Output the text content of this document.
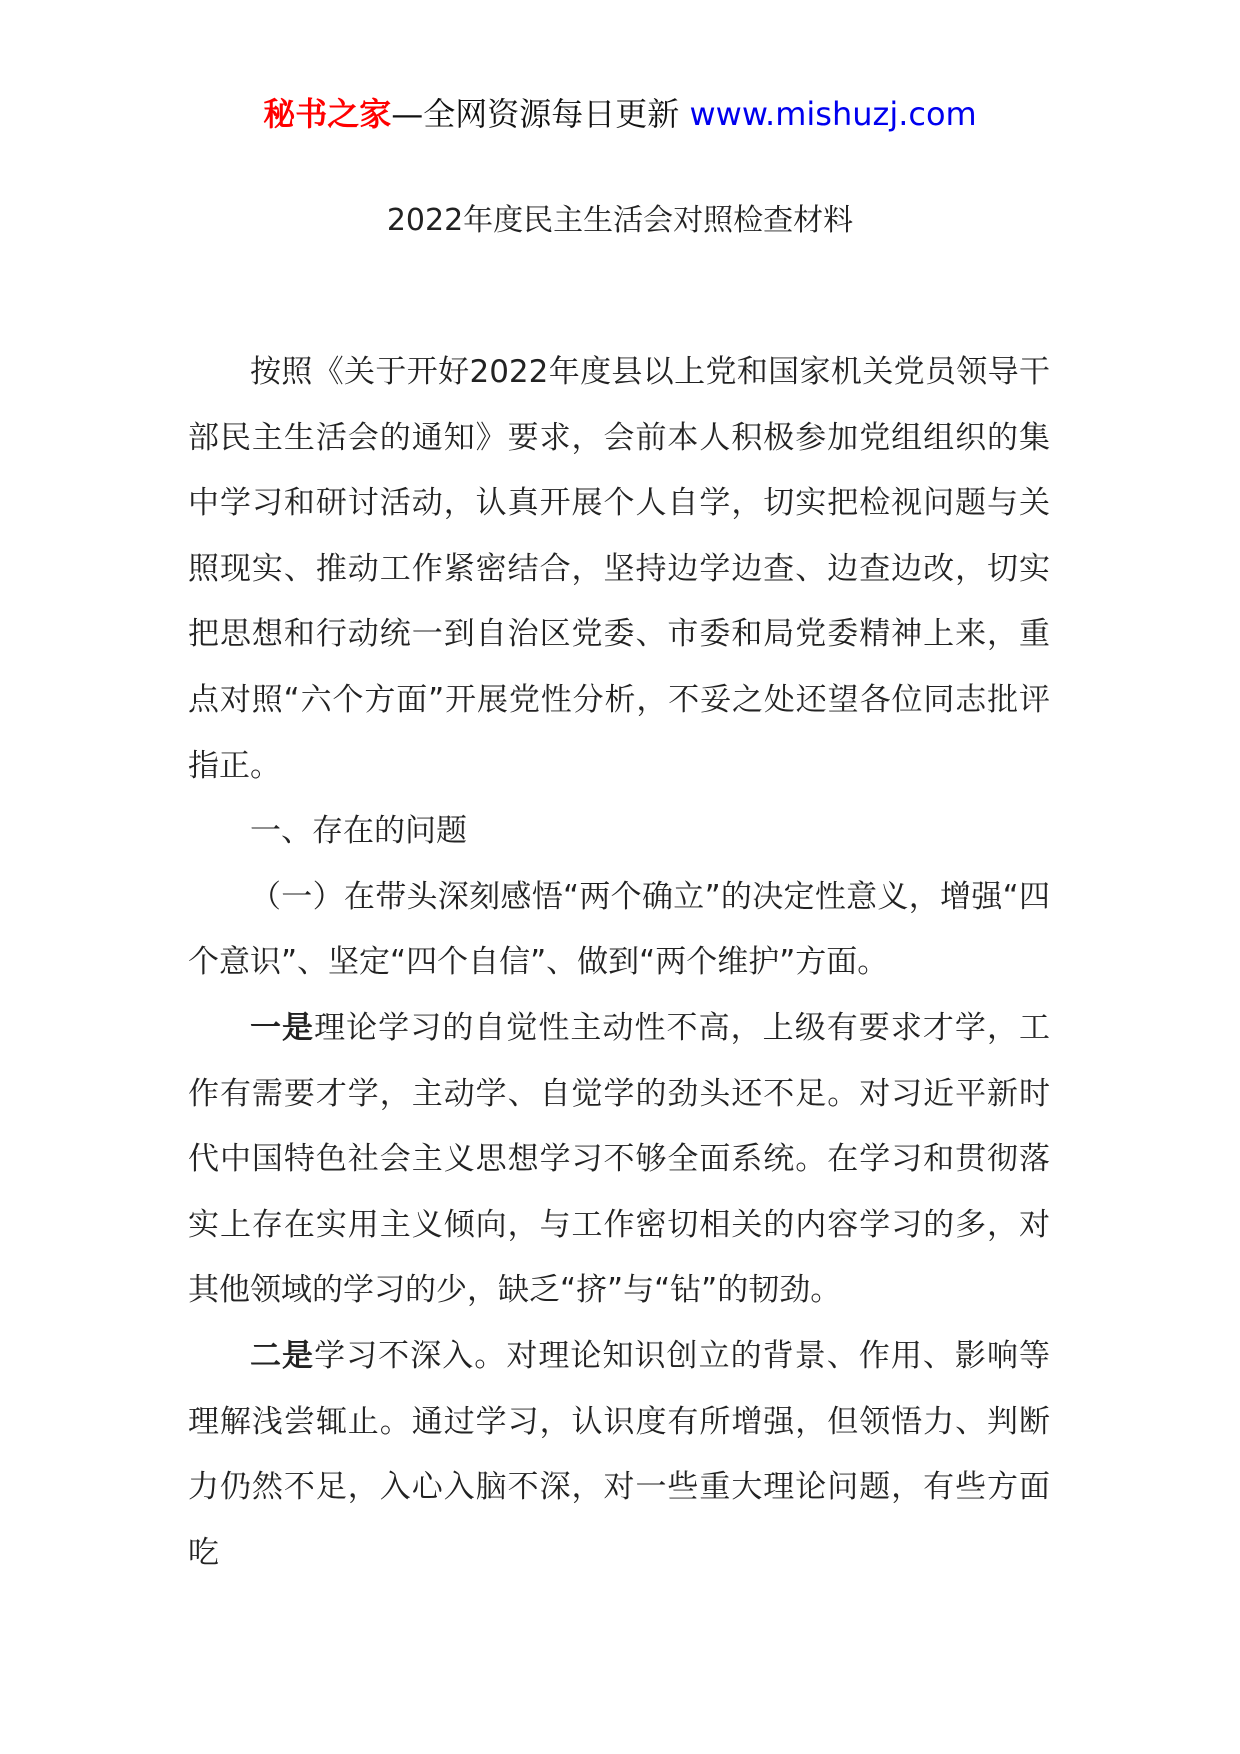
秘书之家—全网资源每日更新 www.mishuzj.com
2022年度民主生活会对照检查材料

按照《关于开好2022年度县以上党和国家机关党员领导干部民主生活会的通知》要求，会前本人积极参加党组组织的集中学习和研讨活动，认真开展个人自学，切实把检视问题与关照现实、推动工作紧密结合，坚持边学边查、边查边改，切实把思想和行动统一到自治区党委、市委和局党委精神上来，重点对照“六个方面”开展党性分析，不妥之处还望各位同志批评指正。

一、存在的问题

（一）在带头深刻感悟“两个确立”的决定性意义，增强“四个意识”、坚定“四个自信”、做到“两个维护”方面。

一是理论学习的自觉性主动性不高，上级有要求才学，工作有需要才学，主动学、自觉学的劲头还不足。对习近平新时代中国特色社会主义思想学习不够全面系统。在学习和贯彻落实上存在实用主义倾向，与工作密切相关的内容学习的多，对其他领域的学习的少，缺乏“挤”与“钻”的韧劲。

二是学习不深入。对理论知识创立的背景、作用、影响等理解浅尝辄止。通过学习，认识度有所增强，但领悟力、判断力仍然不足，入心入脑不深，对一些重大理论问题，有些方面吃
